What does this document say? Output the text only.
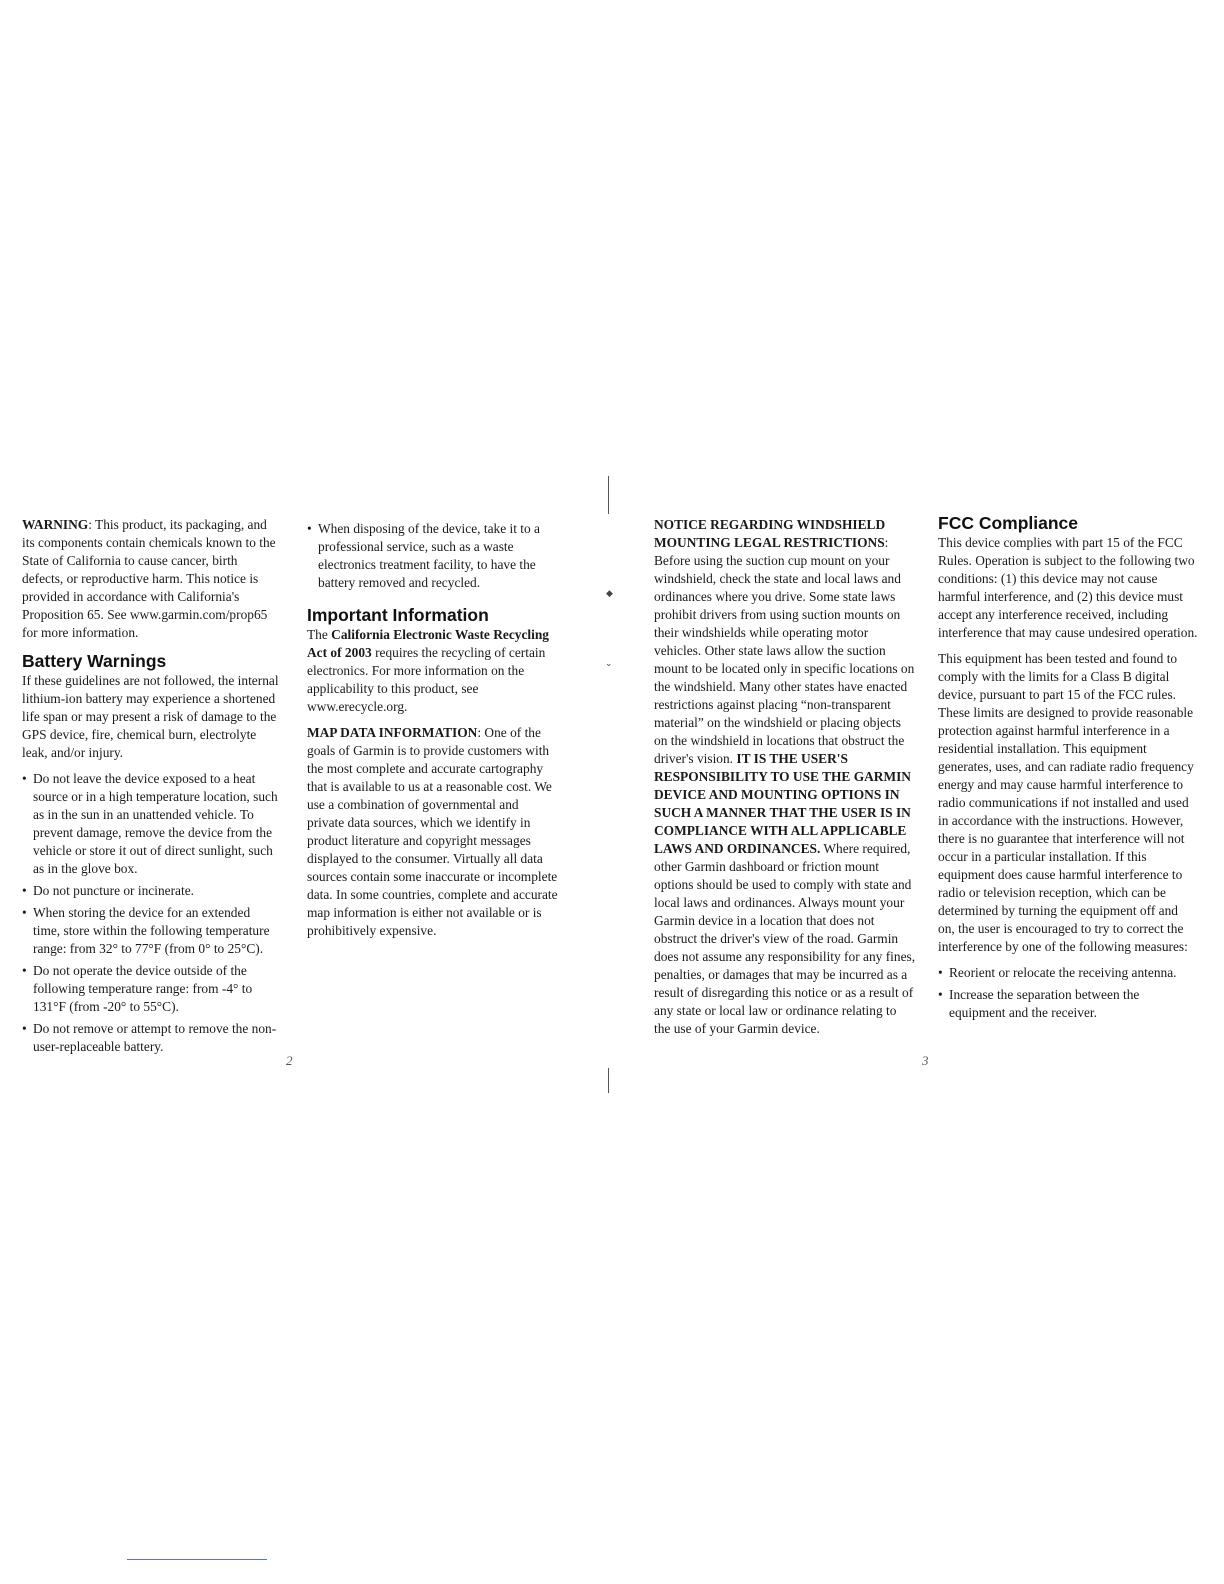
◆
⌄

WARNING: This product, its packaging, and its components contain chemicals known to the State of California to cause cancer, birth defects, or reproductive harm. This notice is provided in accordance with California's Proposition 65. See www.garmin.com/prop65 for more information.

Battery Warnings

If these guidelines are not followed, the internal lithium-ion battery may experience a shortened life span or may present a risk of damage to the GPS device, fire, chemical burn, electrolyte leak, and/or injury.

• Do not leave the device exposed to a heat source or in a high temperature location, such as in the sun in an unattended vehicle. To prevent damage, remove the device from the vehicle or store it out of direct sunlight, such as in the glove box.
• Do not puncture or incinerate.
• When storing the device for an extended time, store within the following temperature range: from 32° to 77°F (from 0° to 25°C).
• Do not operate the device outside of the following temperature range: from -4° to 131°F (from -20° to 55°C).
• Do not remove or attempt to remove the non-user-replaceable battery.
• When disposing of the device, take it to a professional service, such as a waste electronics treatment facility, to have the battery removed and recycled.
Important Information

The California Electronic Waste Recycling Act of 2003 requires the recycling of certain electronics. For more information on the applicability to this product, see www.erecycle.org.

MAP DATA INFORMATION: One of the goals of Garmin is to provide customers with the most complete and accurate cartography that is available to us at a reasonable cost. We use a combination of governmental and private data sources, which we identify in product literature and copyright messages displayed to the consumer. Virtually all data sources contain some inaccurate or incomplete data. In some countries, complete and accurate map information is either not available or is prohibitively expensive.

2

NOTICE REGARDING WINDSHIELD MOUNTING LEGAL RESTRICTIONS:
Before using the suction cup mount on your windshield, check the state and local laws and ordinances where you drive. Some state laws prohibit drivers from using suction mounts on their windshields while operating motor vehicles. Other state laws allow the suction mount to be located only in specific locations on the windshield. Many other states have enacted restrictions against placing “non-transparent material” on the windshield or placing objects on the windshield in locations that obstruct the driver's vision. IT IS THE USER'S RESPONSIBILITY TO USE THE GARMIN DEVICE AND MOUNTING OPTIONS IN SUCH A MANNER THAT THE USER IS IN COMPLIANCE WITH ALL APPLICABLE LAWS AND ORDINANCES. Where required, other Garmin dashboard or friction mount options should be used to comply with state and local laws and ordinances. Always mount your Garmin device in a location that does not obstruct the driver's view of the road. Garmin does not assume any responsibility for any fines, penalties, or damages that may be incurred as a result of disregarding this notice or as a result of any state or local law or ordinance relating to the use of your Garmin device.

FCC Compliance

This device complies with part 15 of the FCC Rules. Operation is subject to the following two conditions: (1) this device may not cause harmful interference, and (2) this device must accept any interference received, including interference that may cause undesired operation.

This equipment has been tested and found to comply with the limits for a Class B digital device, pursuant to part 15 of the FCC rules. These limits are designed to provide reasonable protection against harmful interference in a residential installation. This equipment generates, uses, and can radiate radio frequency energy and may cause harmful interference to radio communications if not installed and used in accordance with the instructions. However, there is no guarantee that interference will not occur in a particular installation. If this equipment does cause harmful interference to radio or television reception, which can be determined by turning the equipment off and on, the user is encouraged to try to correct the interference by one of the following measures:

• Reorient or relocate the receiving antenna.
• Increase the separation between the equipment and the receiver.
3
